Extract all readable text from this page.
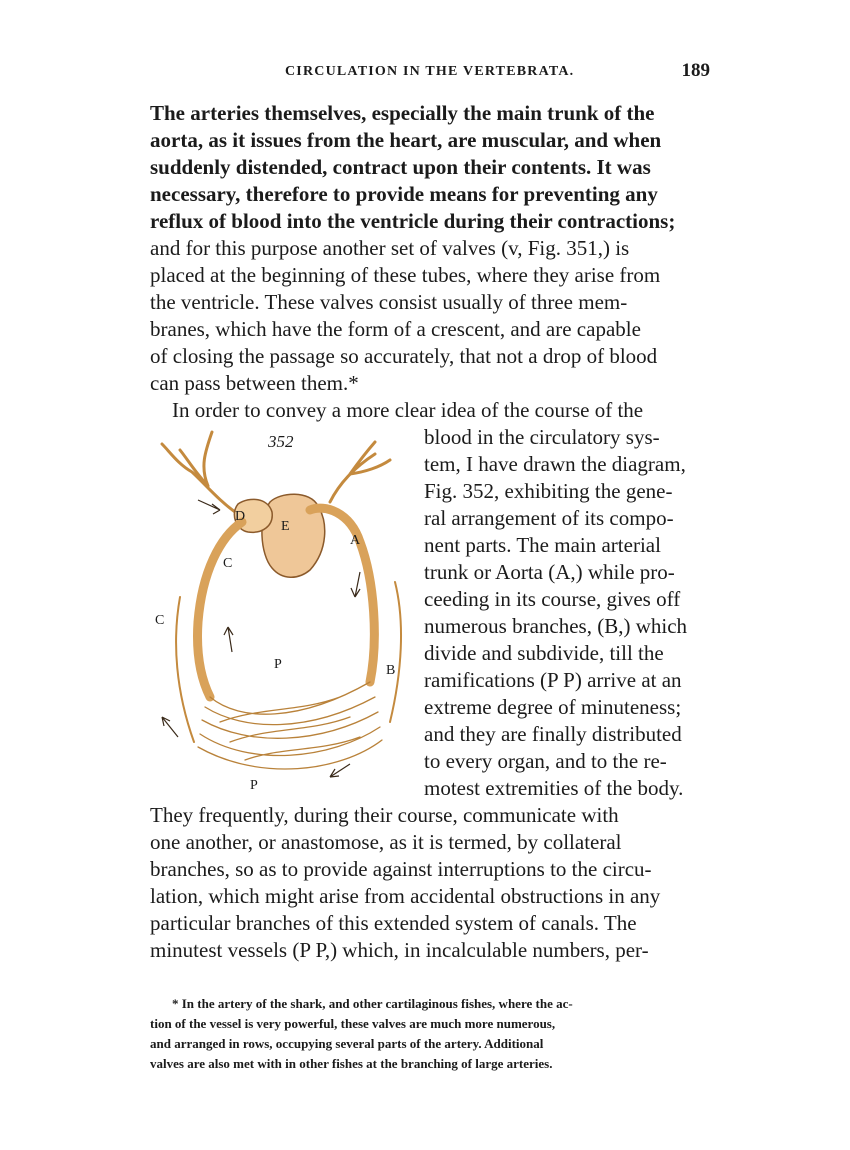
CIRCULATION IN THE VERTEBRATA.	189
The arteries themselves, especially the main trunk of the
aorta, as it issues from the heart, are muscular, and when
suddenly distended, contract upon their contents. It was
necessary, therefore to provide means for preventing any
reflux of blood into the ventricle during their contractions;
and for this purpose another set of valves (v, Fig. 351,) is
placed at the beginning of these tubes, where they arise from
the ventricle. These valves consist usually of three mem-
branes, which have the form of a crescent, and are capable
of closing the passage so accurately, that not a drop of blood
can pass between them.*
In order to convey a more clear idea of the course of the
blood in the circulatory sys-
tem, I have drawn the diagram,
Fig. 352, exhibiting the gene-
ral arrangement of its compo-
nent parts. The main arterial
trunk or Aorta (A,) while pro-
ceeding in its course, gives off
numerous branches, (B,) which
divide and subdivide, till the
ramifications (P P) arrive at an
extreme degree of minuteness;
and they are finally distributed
to every organ, and to the re-
motest extremities of the body.
They frequently, during their course, communicate with
one another, or anastomose, as it is termed, by collateral
branches, so as to provide against interruptions to the circu-
lation, which might arise from accidental obstructions in any
particular branches of this extended system of canals. The
minutest vessels (P P,) which, in incalculable numbers, per-
* In the artery of the shark, and other cartilaginous fishes, where the ac-
tion of the vessel is very powerful, these valves are much more numerous,
and arranged in rows, occupying several parts of the artery. Additional
valves are also met with in other fishes at the branching of large arteries.
352
D
E
A
C
C
P	B
P
